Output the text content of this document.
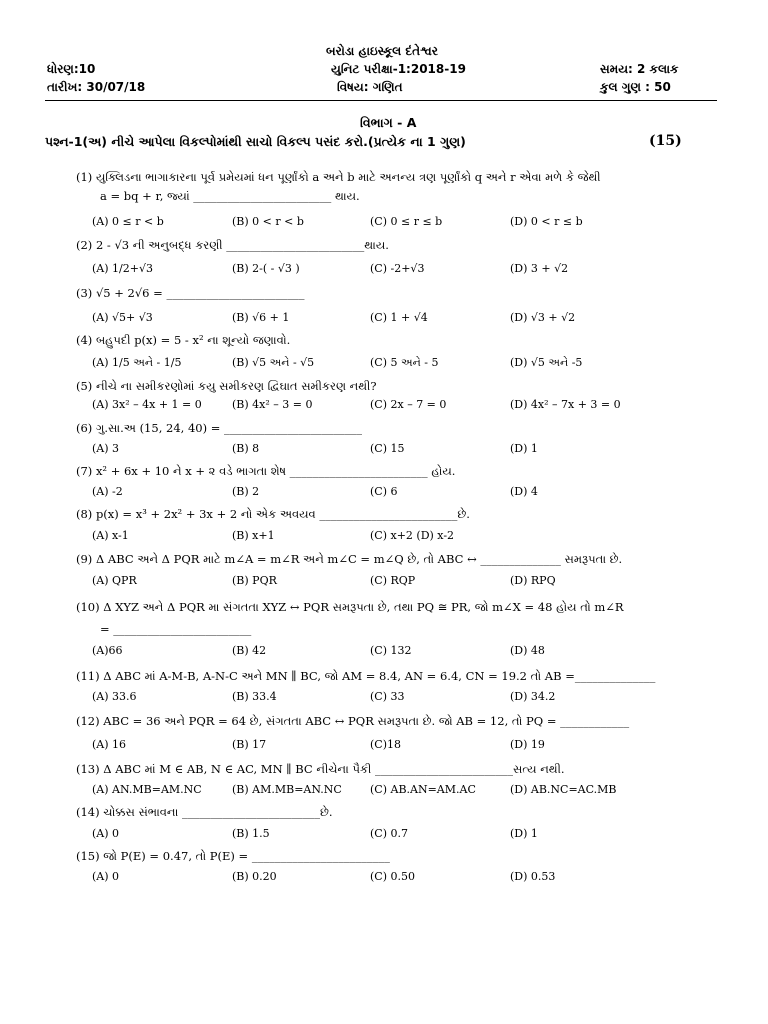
બરોડા હાઇસ્કૂલ દંતેશ્વર
ધોરણ:10	યુનિટ પરીક્ષા-1:2018-19	સમય: 2 કલાક
તારીખ: 30/07/18	વિષય: ગણિત	કુલ ગુણ : 50
વિભાગ - A
પશ્ન-1(અ) નીચે આપેલા વિકલ્પોમાંથી સાચો વિકલ્પ પસંદ કરો.(પ્રત્યેક ના 1 ગુણ)	(15)
(1) યુક્લિડના ભાગાકારના પૂર્વ પ્રમેયમાં ધન પૂર્ણાંકો a અને b માટે અનન્ય ત્રણ પૂર્ણાંકો q અને r એવા મળે કે જેથી
a = bq + r, જ્યાં ________________________ થાય.
(A) 0 ≤ r < b	(B) 0 < r < b	(C) 0 ≤ r ≤ b	(D) 0 < r ≤ b
(2) 2 - √3 ની અનુબદ્ધ કરણી ________________________થાય.
(A) 1/2+√3	(B) 2-( - √3 )	(C) -2+√3	(D) 3 + √2
(3) √5 + 2√6 = ________________________
(A) √5+ √3	(B) √6 + 1	(C) 1 + √4	(D) √3 + √2
(4) બહુપદી p(x) = 5 - x² ના શૂન્યો જણાવો.
(A) 1/5 અને - 1/5	(B) √5 અને - √5	(C) 5 અને - 5	(D) √5 અને -5
(5) નીચે ના સમીકરણોમાં કયુ સમીકરણ દ્વિઘાત સમીકરણ નથી?
(A) 3x² – 4x + 1 = 0	(B) 4x² – 3 = 0	(C) 2x – 7 = 0	(D) 4x² – 7x + 3 = 0
(6) ગુ.સા.અ (15, 24, 40) = ________________________
(A) 3	(B) 8	(C) 15	(D) 1
(7) x² + 6x + 10 ને x + ૨ વડે ભાગતા શેષ ________________________ હોય.
(A) -2	(B) 2	(C) 6	(D) 4
(8) p(x) = x³ + 2x² + 3x + 2 નો એક અવયવ ________________________છે.
(A) x-1	(B) x+1	(C) x+2 (D) x-2
(9) Δ ABC અને Δ PQR માટે m∠A = m∠R અને m∠C = m∠Q છે, તો ABC ↔ ______________ સમરૂપતા છે.
(A) QPR	(B) PQR	(C) RQP	(D) RPQ
(10) Δ XYZ અને Δ PQR મા સંગતતા XYZ ↔ PQR સમરૂપતા છે, તથા PQ ≅ PR, જો m∠X = 48 હોય તો m∠R
= ________________________
(A)66	(B) 42	(C) 132	(D) 48
(11) Δ ABC માં A-M-B, A-N-C અને MN ∥ BC, જો AM = 8.4, AN = 6.4, CN = 19.2 તો AB =______________
(A) 33.6	(B) 33.4	(C) 33	(D) 34.2
(12) ABC = 36 અને PQR = 64 છે, સંગતતા ABC ↔ PQR સમરૂપતા છે. જો AB = 12, તો PQ = ____________
(A) 16	(B) 17	(C)18	(D) 19
(13) Δ ABC માં M ∈ AB, N ∈ AC, MN ∥ BC નીચેના પૈકી ________________________સત્ય નથી.
(A) AN.MB=AM.NC	(B) AM.MB=AN.NC	(C) AB.AN=AM.AC	(D) AB.NC=AC.MB
(14) ચોક્કસ સંભાવના ________________________છે.
(A) 0	(B) 1.5	(C) 0.7	(D) 1
(15) જો P(E) = 0.47, તો P(E) = ________________________
(A) 0	(B) 0.20	(C) 0.50	(D) 0.53
